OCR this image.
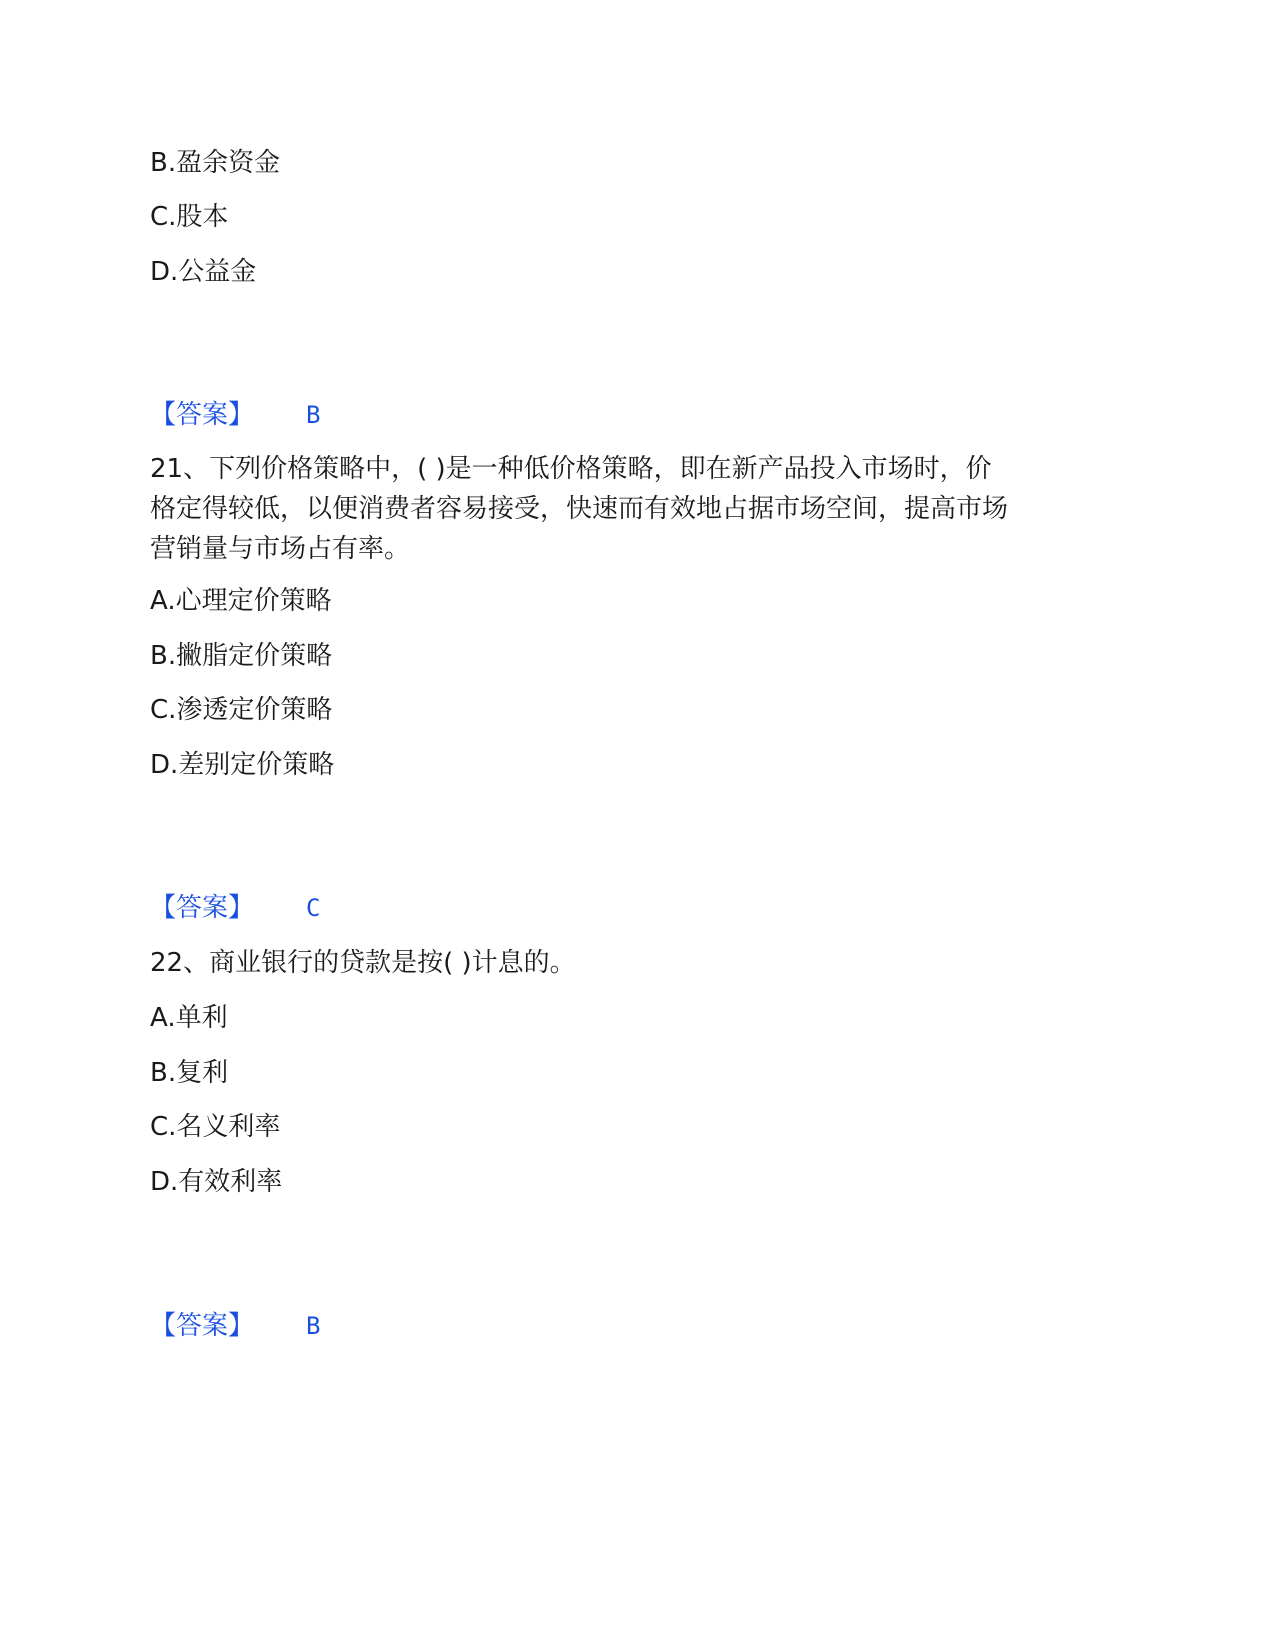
B.盈余资金
C.股本
D.公益金
【答案】 B
21、下列价格策略中，( )是一种低价格策略，即在新产品投入市场时，价
格定得较低，以便消费者容易接受，快速而有效地占据市场空间，提高市场
营销量与市场占有率。
A.心理定价策略
B.撇脂定价策略
C.渗透定价策略
D.差别定价策略
【答案】 C
22、商业银行的贷款是按( )计息的。
A.单利
B.复利
C.名义利率
D.有效利率
【答案】 B
